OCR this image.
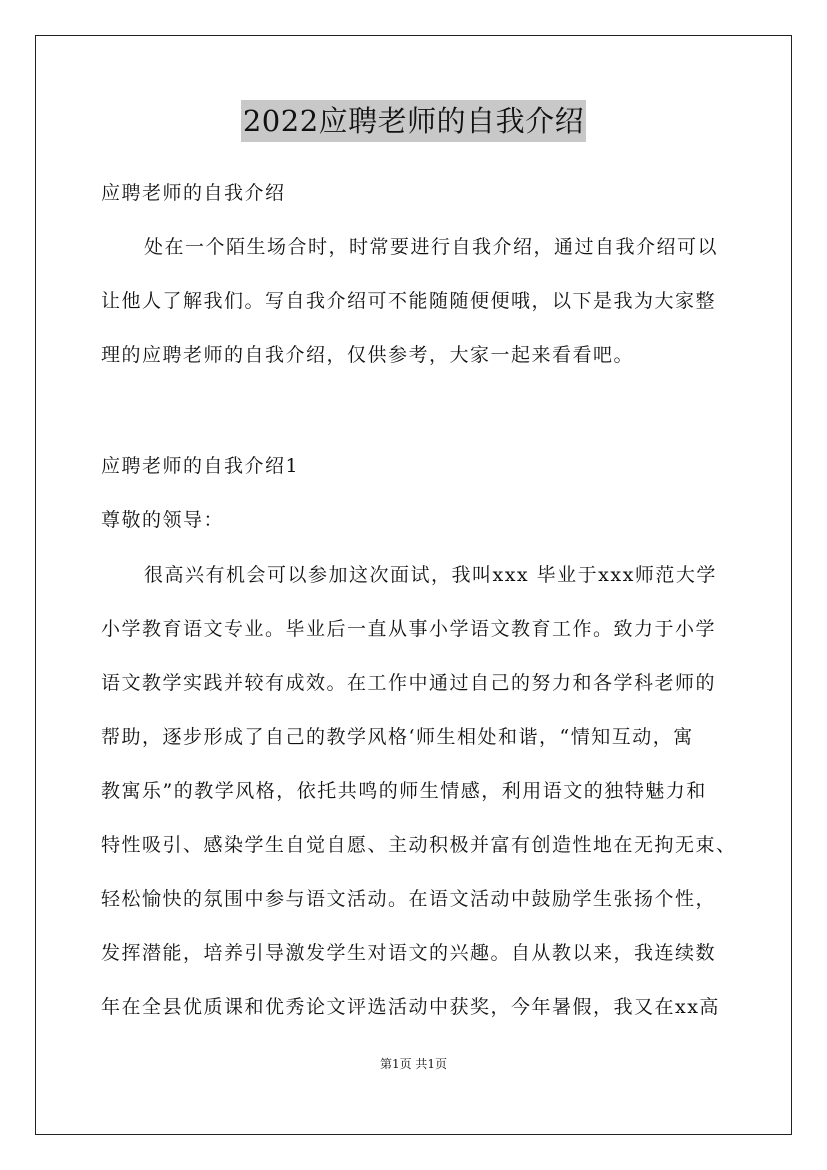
2022应聘老师的自我介绍
应聘老师的自我介绍
处在一个陌生场合时，时常要进行自我介绍，通过自我介绍可以
让他人了解我们。写自我介绍可不能随随便便哦，以下是我为大家整
理的应聘老师的自我介绍，仅供参考，大家一起来看看吧。
应聘老师的自我介绍1
尊敬的领导：
很高兴有机会可以参加这次面试，我叫xxx 毕业于xxx师范大学
小学教育语文专业。毕业后一直从事小学语文教育工作。致力于小学
语文教学实践并较有成效。在工作中通过自己的努力和各学科老师的
帮助，逐步形成了自己的教学风格‘师生相处和谐，“情知互动，寓
教寓乐”的教学风格，依托共鸣的师生情感，利用语文的独特魅力和
特性吸引、感染学生自觉自愿、主动积极并富有创造性地在无拘无束、
轻松愉快的氛围中参与语文活动。在语文活动中鼓励学生张扬个性，
发挥潜能，培养引导激发学生对语文的兴趣。自从教以来，我连续数
年在全县优质课和优秀论文评选活动中获奖，今年暑假，我又在xx高
第1页 共1页
